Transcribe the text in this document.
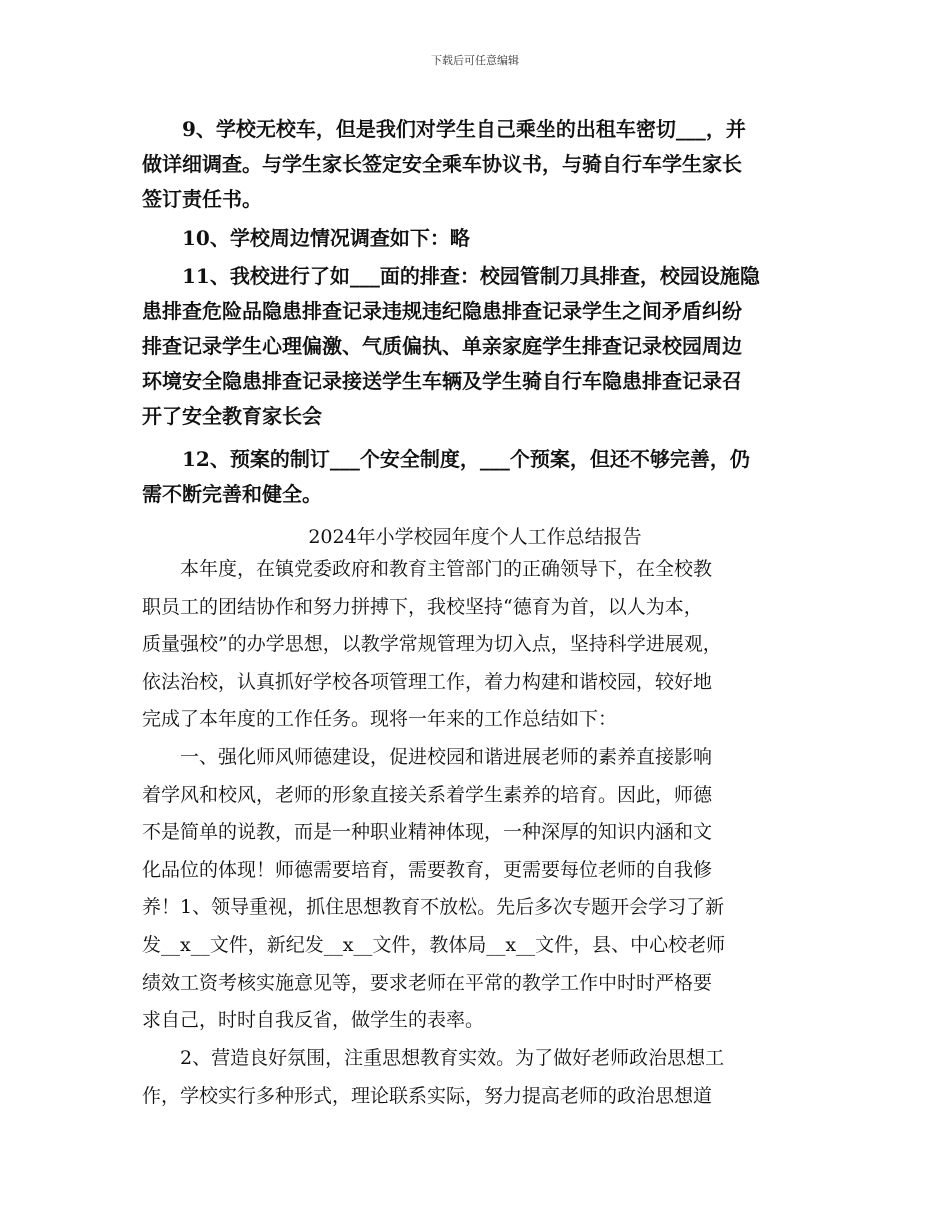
下载后可任意编辑
　　9、学校无校车，但是我们对学生自己乘坐的出租车密切___，并
做详细调查。与学生家长签定安全乘车协议书，与骑自行车学生家长
签订责任书。
　　10、学校周边情况调查如下：略
　　11、我校进行了如___面的排查：校园管制刀具排查，校园设施隐
患排查危险品隐患排查记录违规违纪隐患排查记录学生之间矛盾纠纷
排查记录学生心理偏激、气质偏执、单亲家庭学生排查记录校园周边
环境安全隐患排查记录接送学生车辆及学生骑自行车隐患排查记录召
开了安全教育家长会
　　12、预案的制订___个安全制度，___个预案，但还不够完善，仍
需不断完善和健全。
2024年小学校园年度个人工作总结报告
　　本年度，在镇党委政府和教育主管部门的正确领导下，在全校教
职员工的团结协作和努力拼搏下，我校坚持“德育为首，以人为本，
质量强校”的办学思想，以教学常规管理为切入点，坚持科学进展观，
依法治校，认真抓好学校各项管理工作，着力构建和谐校园，较好地
完成了本年度的工作任务。现将一年来的工作总结如下：
　　一、强化师风师德建设，促进校园和谐进展老师的素养直接影响
着学风和校风，老师的形象直接关系着学生素养的培育。因此，师德
不是简单的说教，而是一种职业精神体现，一种深厚的知识内涵和文
化品位的体现！师德需要培育，需要教育，更需要每位老师的自我修
养！1、领导重视，抓住思想教育不放松。先后多次专题开会学习了新
发__x__文件，新纪发__x__文件，教体局__x__文件，县、中心校老师
绩效工资考核实施意见等，要求老师在平常的教学工作中时时严格要
求自己，时时自我反省，做学生的表率。
　　2、营造良好氛围，注重思想教育实效。为了做好老师政治思想工
作，学校实行多种形式，理论联系实际，努力提高老师的政治思想道
